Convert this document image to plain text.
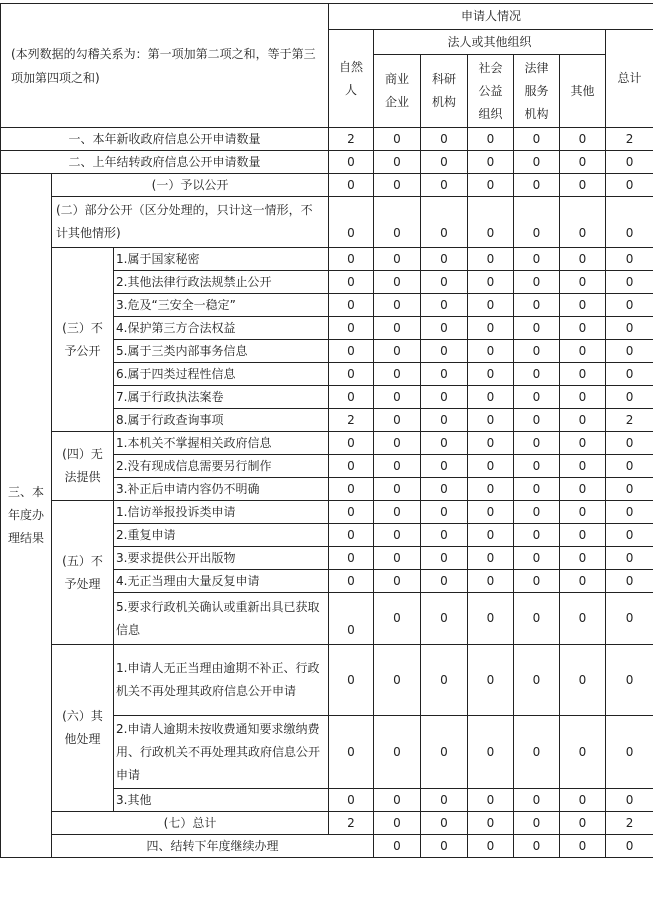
(本列数据的勾稽关系为：第一项加第二项之和，等于第三项加第四项之和)			申请人情况							
			自然人	法人或其他组织					总计	
				商业企业	科研机构	社会公益组织	法律服务机构	其他		
一、本年新收政府信息公开申请数量			2	0	0	0	0	0	2	
二、上年结转政府信息公开申请数量			0	0	0	0	0	0	0	
三、本年度办理结果	(一）予以公开		0	0	0	0	0	0	0	
	(二）部分公开（区分处理的，只计这一情形，不计其他情形)		0	0	0	0	0	0	0	
	(三）不予公开	1.属于国家秘密	0	0	0	0	0	0	0	
		2.其他法律行政法规禁止公开	0	0	0	0	0	0	0	
		3.危及“三安全一稳定”	0	0	0	0	0	0	0	
		4.保护第三方合法权益	0	0	0	0	0	0	0	
		5.属于三类内部事务信息	0	0	0	0	0	0	0	
		6.属于四类过程性信息	0	0	0	0	0	0	0	
		7.属于行政执法案卷	0	0	0	0	0	0	0	
		8.属于行政查询事项	2	0	0	0	0	0	2	
	(四）无法提供	1.本机关不掌握相关政府信息	0	0	0	0	0	0	0	
		2.没有现成信息需要另行制作	0	0	0	0	0	0	0	
		3.补正后申请内容仍不明确	0	0	0	0	0	0	0	
	(五）不予处理	1.信访举报投诉类申请	0	0	0	0	0	0	0	
		2.重复申请	0	0	0	0	0	0	0	
		3.要求提供公开出版物	0	0	0	0	0	0	0	
		4.无正当理由大量反复申请	0	0	0	0	0	0	0	
		5.要求行政机关确认或重新出具已获取信息	0	0	0	0	0	0	0	
	(六）其他处理	1.申请人无正当理由逾期不补正、行政机关不再处理其政府信息公开申请	0	0	0	0	0	0	0	
		2.申请人逾期未按收费通知要求缴纳费用、行政机关不再处理其政府信息公开申请	0	0	0	0	0	0	0	
		3.其他	0	0	0	0	0	0	0	
	(七）总计		2	0	0	0	0	0	2	
	四、结转下年度继续办理			0	0	0	0	0	0	
